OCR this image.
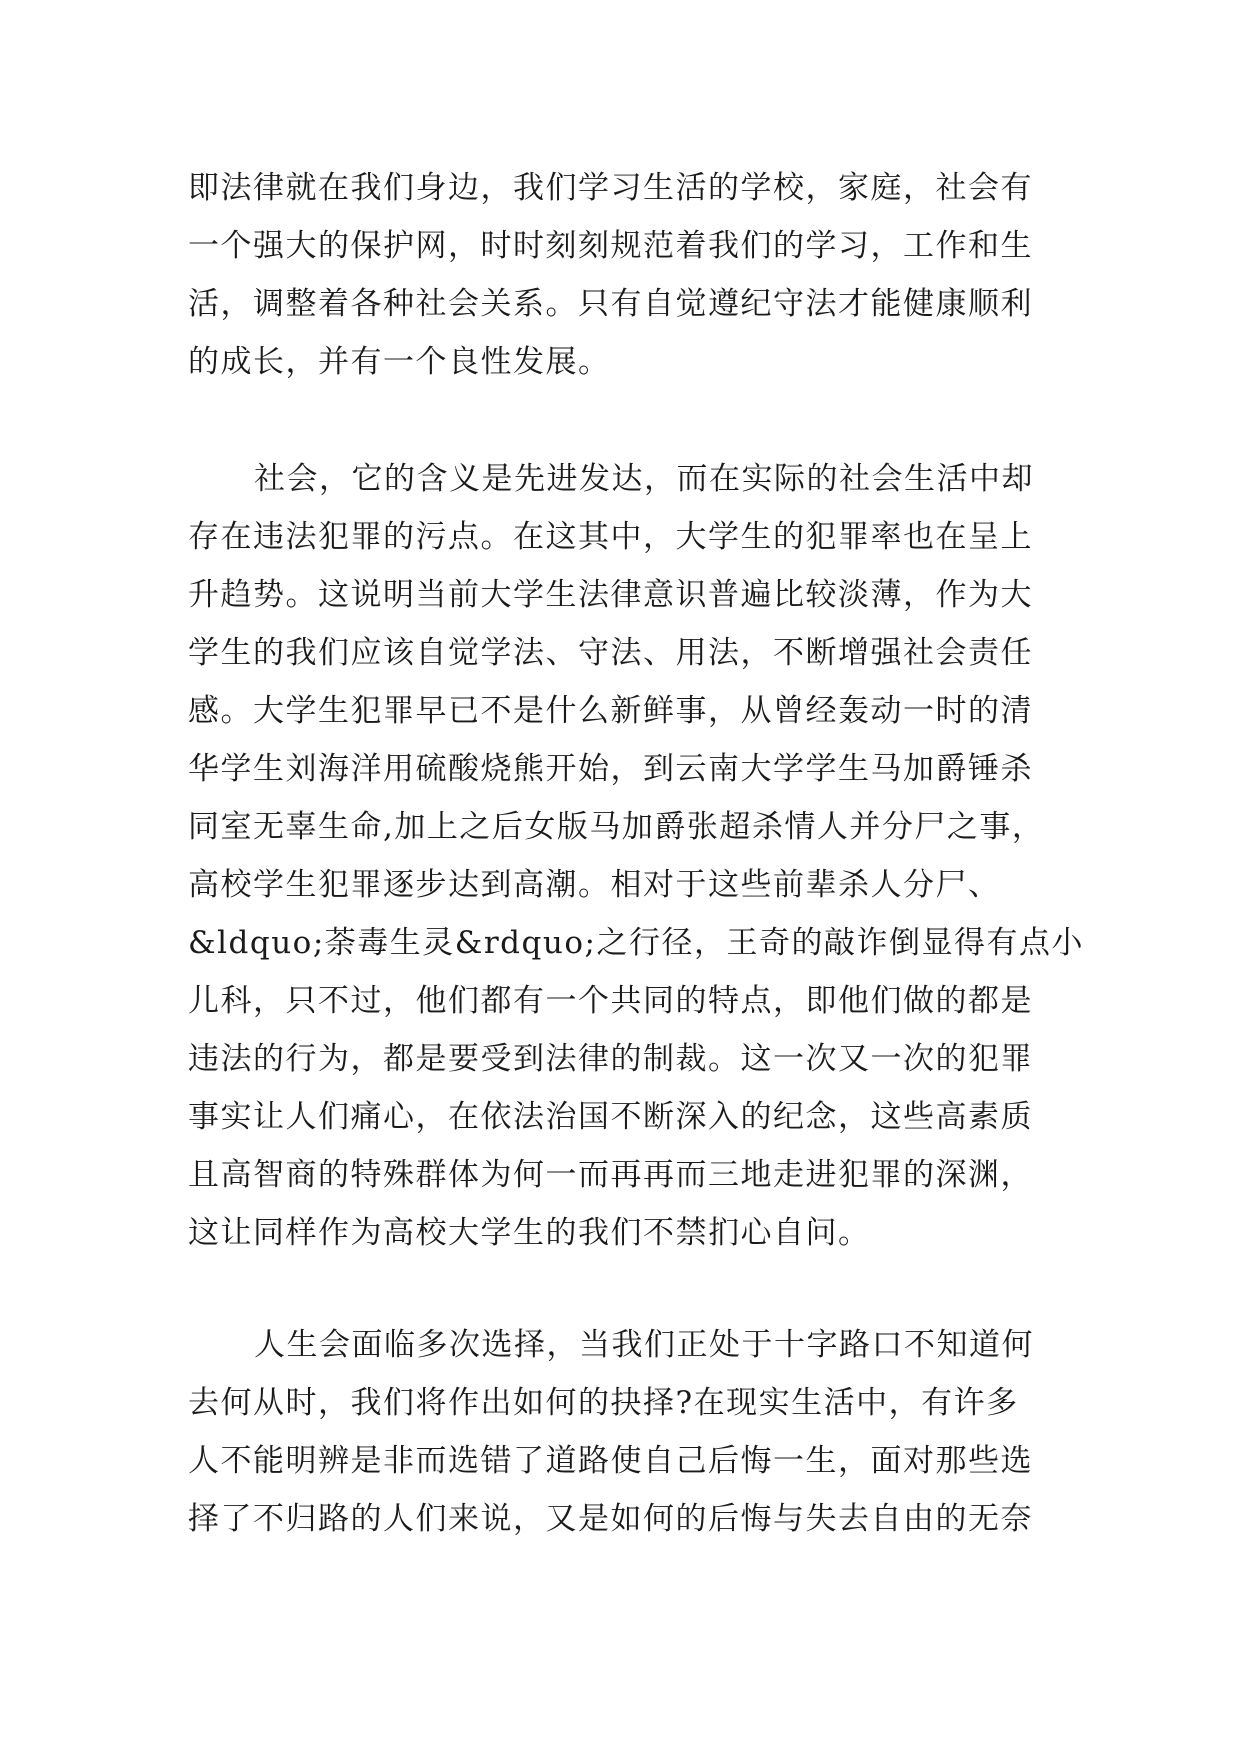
即法律就在我们身边，我们学习生活的学校，家庭，社会有
一个强大的保护网，时时刻刻规范着我们的学习，工作和生
活，调整着各种社会关系。只有自觉遵纪守法才能健康顺利
的成长，并有一个良性发展。
社会，它的含义是先进发达，而在实际的社会生活中却
存在违法犯罪的污点。在这其中，大学生的犯罪率也在呈上
升趋势。这说明当前大学生法律意识普遍比较淡薄，作为大
学生的我们应该自觉学法、守法、用法，不断增强社会责任
感。大学生犯罪早已不是什么新鲜事，从曾经轰动一时的清
华学生刘海洋用硫酸烧熊开始，到云南大学学生马加爵锤杀
同室无辜生命,加上之后女版马加爵张超杀情人并分尸之事，
高校学生犯罪逐步达到高潮。相对于这些前辈杀人分尸、
&ldquo;荼毒生灵&rdquo;之行径，王奇的敲诈倒显得有点小
儿科，只不过，他们都有一个共同的特点，即他们做的都是
违法的行为，都是要受到法律的制裁。这一次又一次的犯罪
事实让人们痛心，在依法治国不断深入的纪念，这些高素质
且高智商的特殊群体为何一而再再而三地走进犯罪的深渊，
这让同样作为高校大学生的我们不禁扪心自问。
人生会面临多次选择，当我们正处于十字路口不知道何
去何从时，我们将作出如何的抉择?在现实生活中，有许多
人不能明辨是非而选错了道路使自己后悔一生，面对那些选
择了不归路的人们来说，又是如何的后悔与失去自由的无奈
